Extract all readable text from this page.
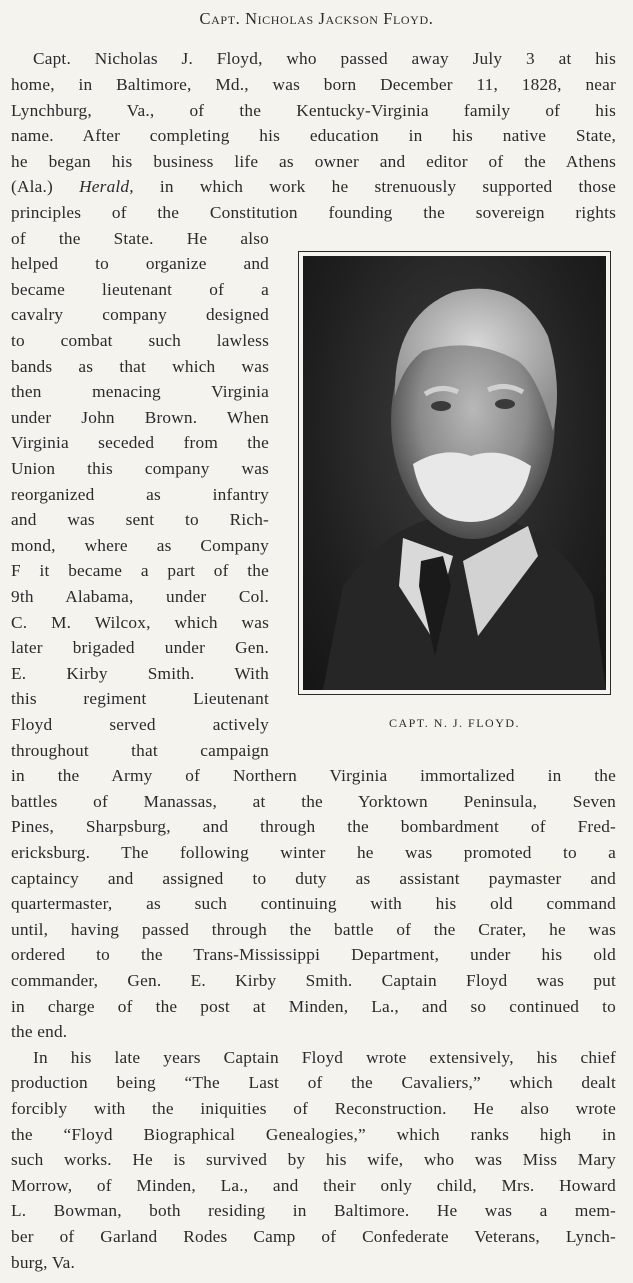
Capt. Nicholas Jackson Floyd.
Capt. Nicholas J. Floyd, who passed away July 3 at his
home, in Baltimore, Md., was born December 11, 1828, near
Lynchburg, Va., of the Kentucky-Virginia family of his
name. After completing his education in his native State,
he began his business life as owner and editor of the Athens
(Ala.) Herald, in which work he strenuously supported those
principles of the Constitution founding the sovereign rights
of the State. He also
helped to organize and
became lieutenant of a
cavalry company designed
to combat such lawless
bands as that which was
then menacing Virginia
under John Brown. When
Virginia seceded from the
Union this company was
reorganized as infantry
and was sent to Rich-
mond, where as Company
F it became a part of the
9th Alabama, under Col.
C. M. Wilcox, which was
later brigaded under Gen.
E. Kirby Smith. With
this regiment Lieutenant
Floyd served actively
throughout that campaign
in the Army of Northern Virginia immortalized in the
battles of Manassas, at the Yorktown Peninsula, Seven
Pines, Sharpsburg, and through the bombardment of Fred-
ericksburg. The following winter he was promoted to a
captaincy and assigned to duty as assistant paymaster and
quartermaster, as such continuing with his old command
until, having passed through the battle of the Crater, he was
ordered to the Trans-Mississippi Department, under his old
commander, Gen. E. Kirby Smith. Captain Floyd was put
in charge of the post at Minden, La., and so continued to
the end.
In his late years Captain Floyd wrote extensively, his chief
production being “The Last of the Cavaliers,” which dealt
forcibly with the iniquities of Reconstruction. He also wrote
the “Floyd Biographical Genealogies,” which ranks high in
such works. He is survived by his wife, who was Miss Mary
Morrow, of Minden, La., and their only child, Mrs. Howard
L. Bowman, both residing in Baltimore. He was a mem-
ber of Garland Rodes Camp of Confederate Veterans, Lynch-
burg, Va.
CAPT. N. J. FLOYD.
